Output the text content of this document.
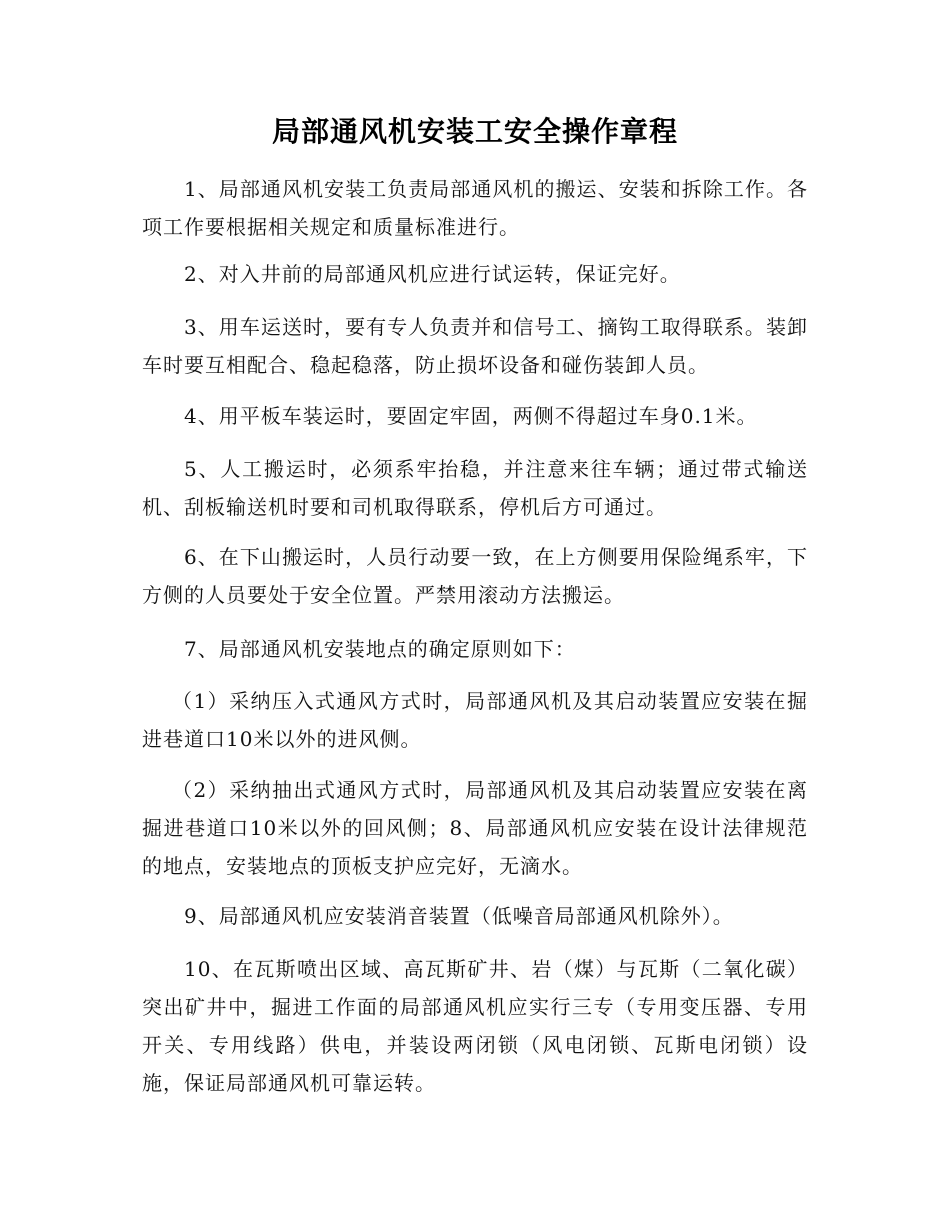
局部通风机安装工安全操作章程

1、局部通风机安装工负责局部通风机的搬运、安装和拆除工作。各项工作要根据相关规定和质量标准进行。

2、对入井前的局部通风机应进行试运转，保证完好。

3、用车运送时，要有专人负责并和信号工、摘钩工取得联系。装卸车时要互相配合、稳起稳落，防止损坏设备和碰伤装卸人员。

4、用平板车装运时，要固定牢固，两侧不得超过车身0.1米。

5、人工搬运时，必须系牢抬稳，并注意来往车辆；通过带式输送机、刮板输送机时要和司机取得联系，停机后方可通过。

6、在下山搬运时，人员行动要一致，在上方侧要用保险绳系牢，下方侧的人员要处于安全位置。严禁用滚动方法搬运。

7、局部通风机安装地点的确定原则如下：

（1）采纳压入式通风方式时，局部通风机及其启动装置应安装在掘进巷道口10米以外的进风侧。

（2）采纳抽出式通风方式时，局部通风机及其启动装置应安装在离掘进巷道口10米以外的回风侧；8、局部通风机应安装在设计法律规范的地点，安装地点的顶板支护应完好，无滴水。

9、局部通风机应安装消音装置（低噪音局部通风机除外）。

10、在瓦斯喷出区域、高瓦斯矿井、岩（煤）与瓦斯（二氧化碳）突出矿井中，掘进工作面的局部通风机应实行三专（专用变压器、专用开关、专用线路）供电，并装设两闭锁（风电闭锁、瓦斯电闭锁）设施，保证局部通风机可靠运转。
